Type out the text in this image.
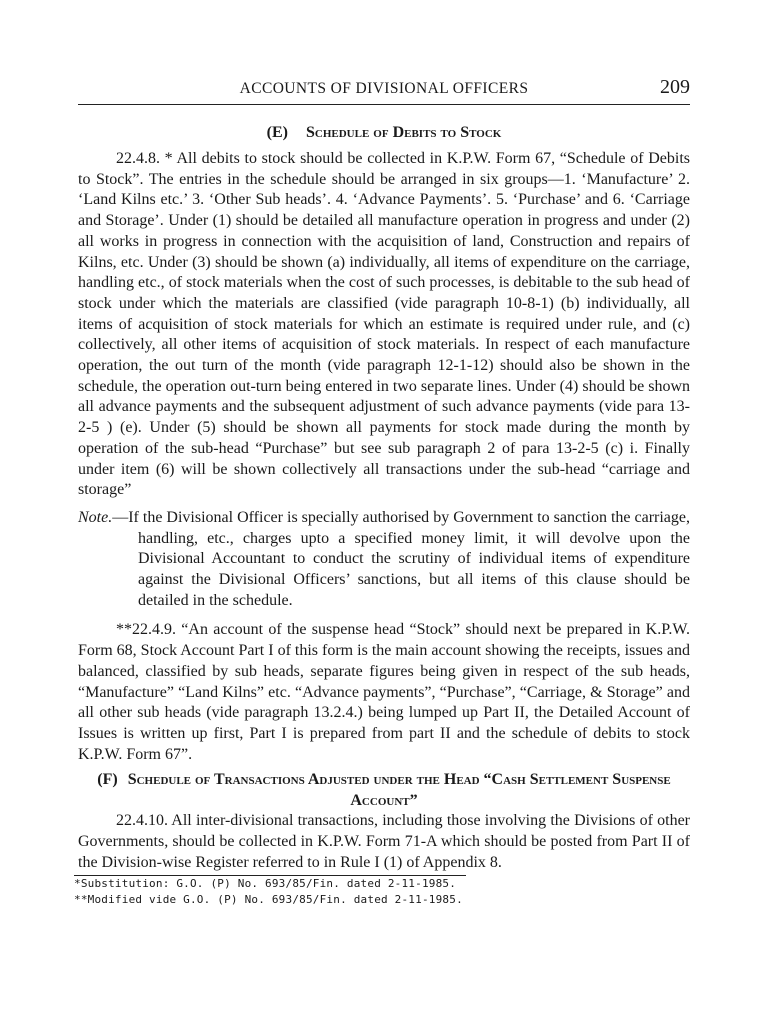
ACCOUNTS OF DIVISIONAL OFFICERS	209
(E) Schedule of Debits to Stock

22.4.8. * All debits to stock should be collected in K.P.W. Form 67, “Schedule of Debits to Stock”. The entries in the schedule should be arranged in six groups—1. ‘Manufacture’ 2. ‘Land Kilns etc.’ 3. ‘Other Sub heads’. 4. ‘Advance Payments’. 5. ‘Purchase’ and 6. ‘Carriage and Storage’. Under (1) should be detailed all manufacture operation in progress and under (2) all works in progress in connection with the acquisition of land, Construction and repairs of Kilns, etc. Under (3) should be shown (a) individually, all items of expenditure on the carriage, handling etc., of stock materials when the cost of such processes, is debitable to the sub head of stock under which the materials are classified (vide paragraph 10-8-1) (b) individually, all items of acquisition of stock materials for which an estimate is required under rule, and (c) collectively, all other items of acquisition of stock materials. In respect of each manufacture operation, the out turn of the month (vide paragraph 12-1-12) should also be shown in the schedule, the operation out-turn being entered in two separate lines. Under (4) should be shown all advance payments and the subsequent adjustment of such advance payments (vide para 13-2-5 ) (e). Under (5) should be shown all payments for stock made during the month by operation of the sub-head “Purchase” but see sub paragraph 2 of para 13-2-5 (c) i. Finally under item (6) will be shown collectively all transactions under the sub-head “carriage and storage”

Note.—If the Divisional Officer is specially authorised by Government to sanction the carriage, handling, etc., charges upto a specified money limit, it will devolve upon the Divisional Accountant to conduct the scrutiny of individual items of expenditure against the Divisional Officers’ sanctions, but all items of this clause should be detailed in the schedule.

**22.4.9. “An account of the suspense head “Stock” should next be prepared in K.P.W. Form 68, Stock Account Part I of this form is the main account showing the receipts, issues and balanced, classified by sub heads, separate figures being given in respect of the sub heads, “Manufacture” “Land Kilns” etc. “Advance payments”, “Purchase”, “Carriage, & Storage” and all other sub heads (vide paragraph 13.2.4.) being lumped up Part II, the Detailed Account of Issues is written up first, Part I is prepared from part II and the schedule of debits to stock K.P.W. Form 67”.

(F) Schedule of Transactions Adjusted under the Head “Cash Settlement Suspense Account”

22.4.10. All inter-divisional transactions, including those involving the Divisions of other Governments, should be collected in K.P.W. Form 71-A which should be posted from Part II of the Division-wise Register referred to in Rule I (1) of Appendix 8.

*Substitution: G.O. (P) No. 693/85/Fin. dated 2-11-1985.
**Modified vide G.O. (P) No. 693/85/Fin. dated 2-11-1985.
